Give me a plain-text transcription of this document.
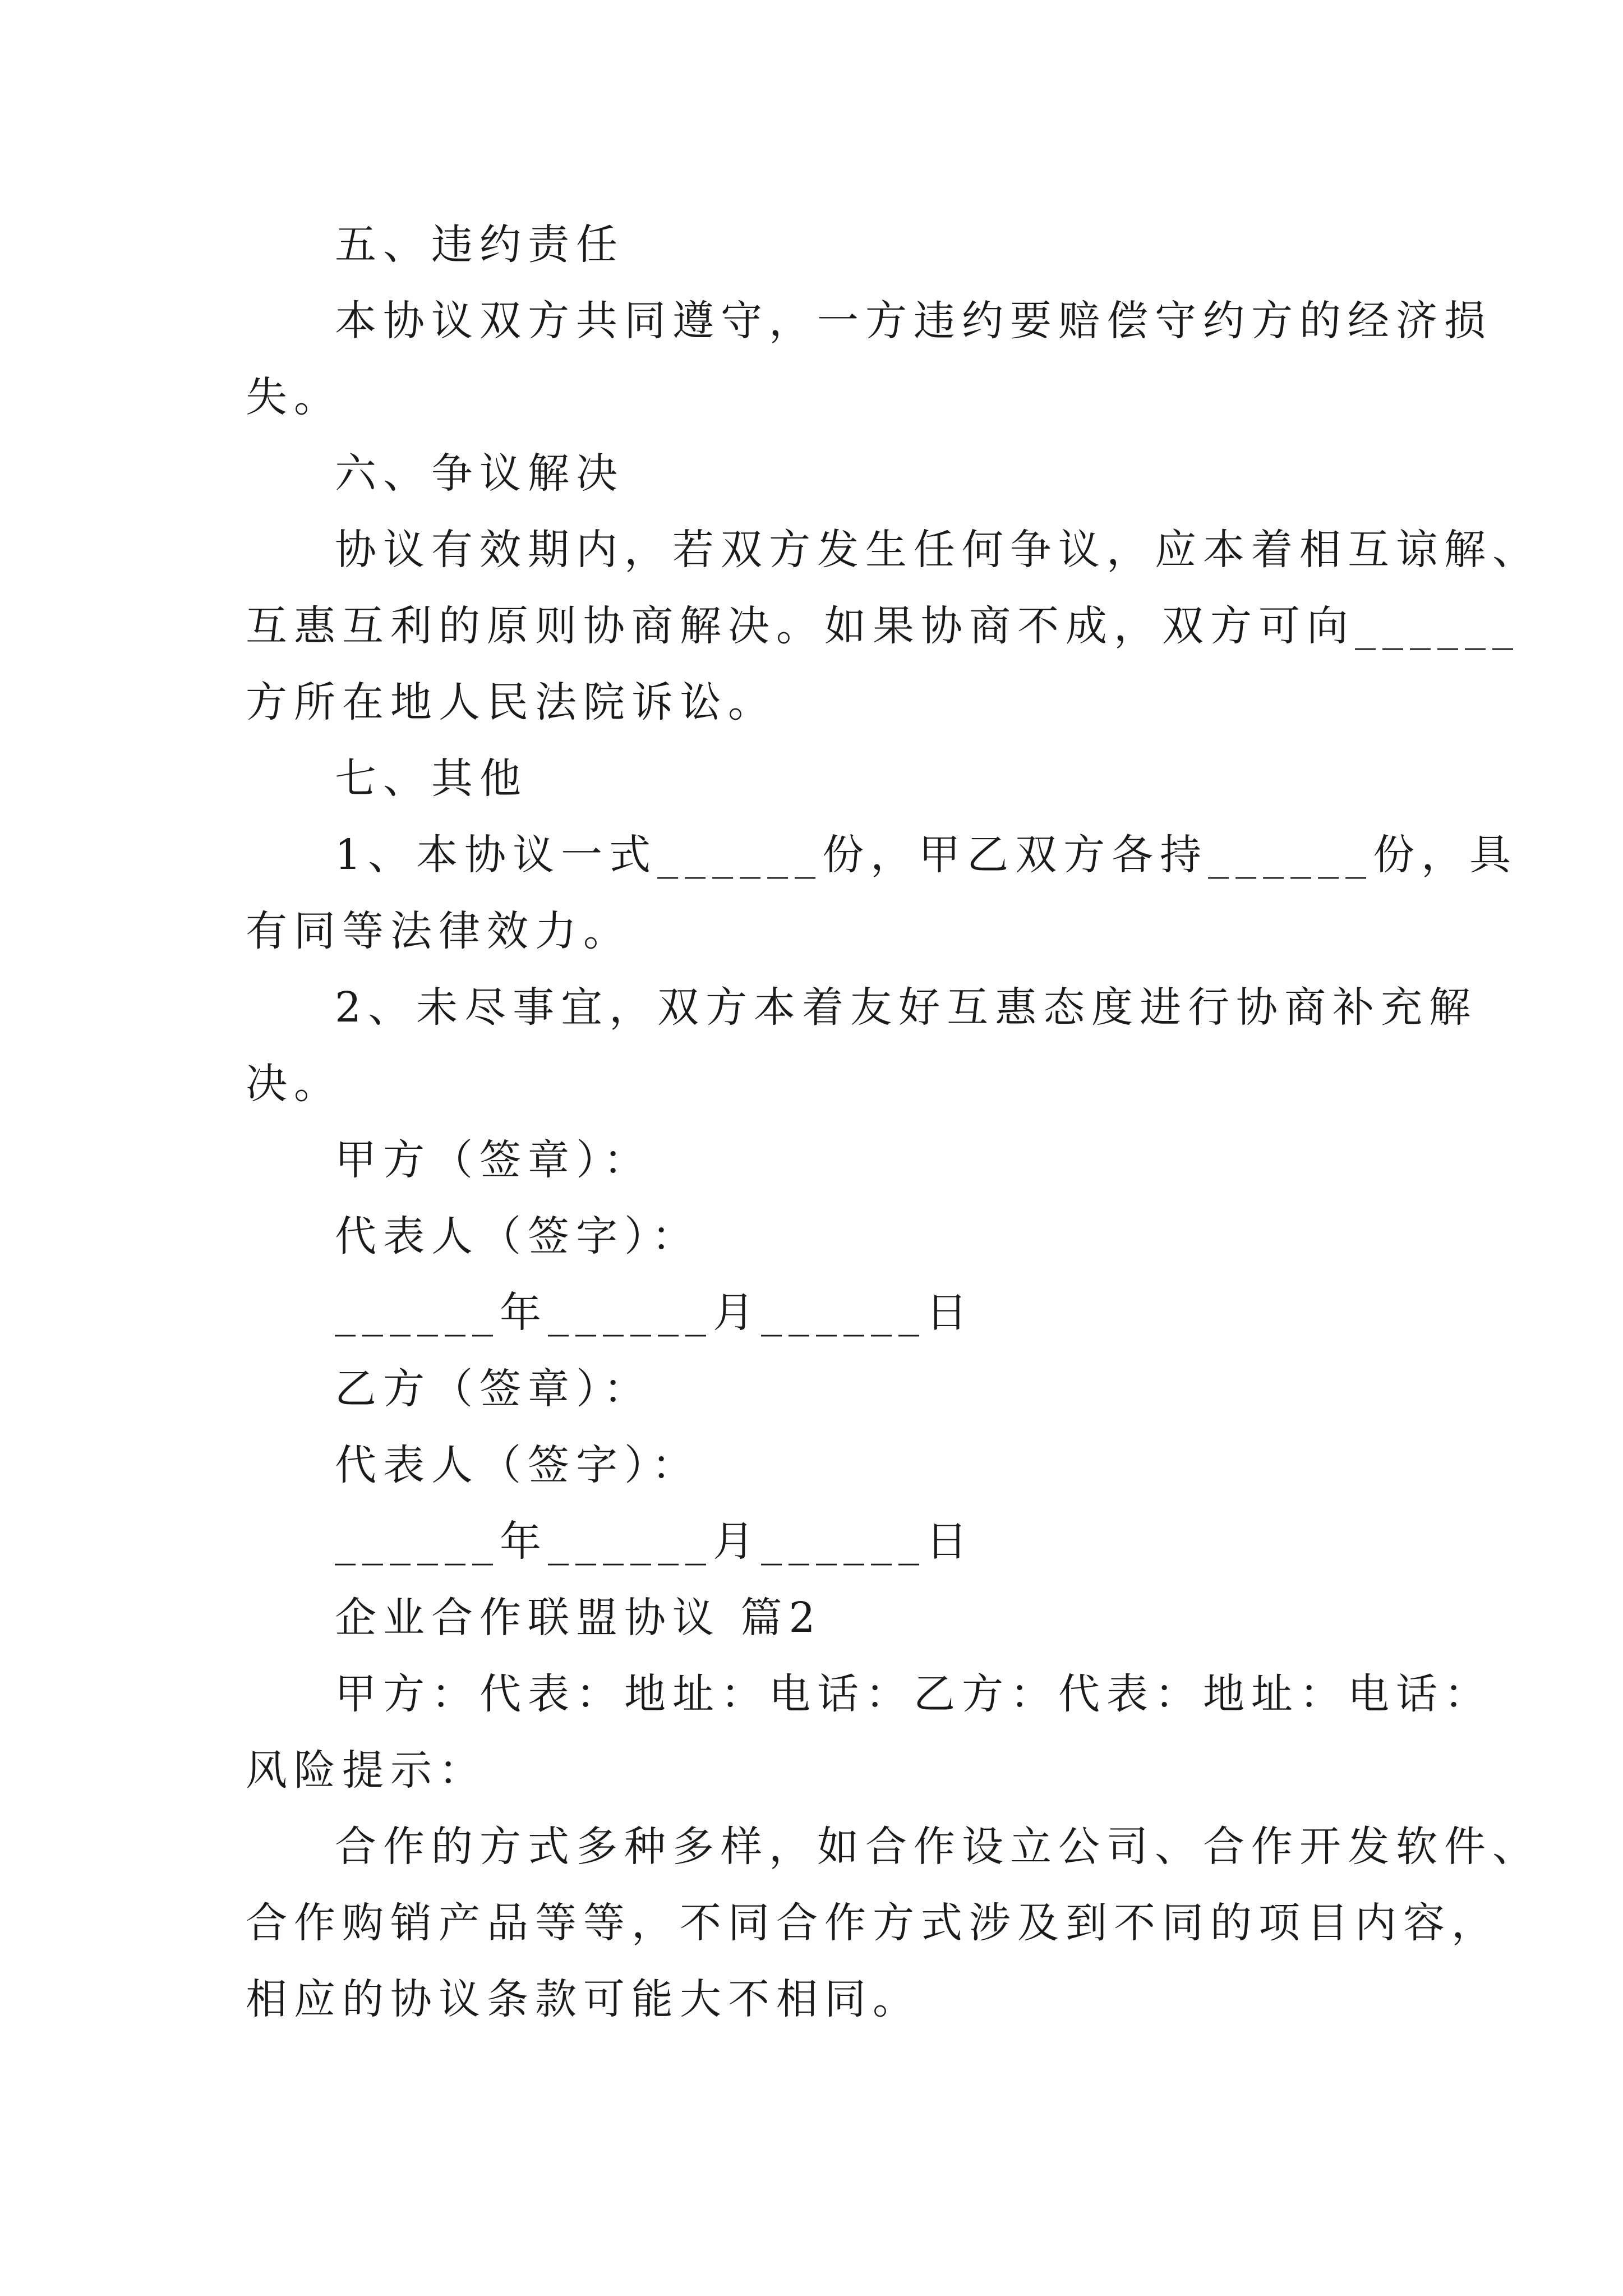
五、违约责任

本协议双方共同遵守，一方违约要赔偿守约方的经济损

失。

六、争议解决

协议有效期内，若双方发生任何争议，应本着相互谅解、

互惠互利的原则协商解决。如果协商不成，双方可向______

方所在地人民法院诉讼。

七、其他

1、本协议一式______份，甲乙双方各持______份，具

有同等法律效力。

2、未尽事宜，双方本着友好互惠态度进行协商补充解

决。

甲方（签章）：

代表人（签字）：

______年______月______日

乙方（签章）：

代表人（签字）：

______年______月______日

企业合作联盟协议 篇2

甲方：代表：地址：电话：乙方：代表：地址：电话：

风险提示：

合作的方式多种多样，如合作设立公司、合作开发软件、

合作购销产品等等，不同合作方式涉及到不同的项目内容，

相应的协议条款可能大不相同。
